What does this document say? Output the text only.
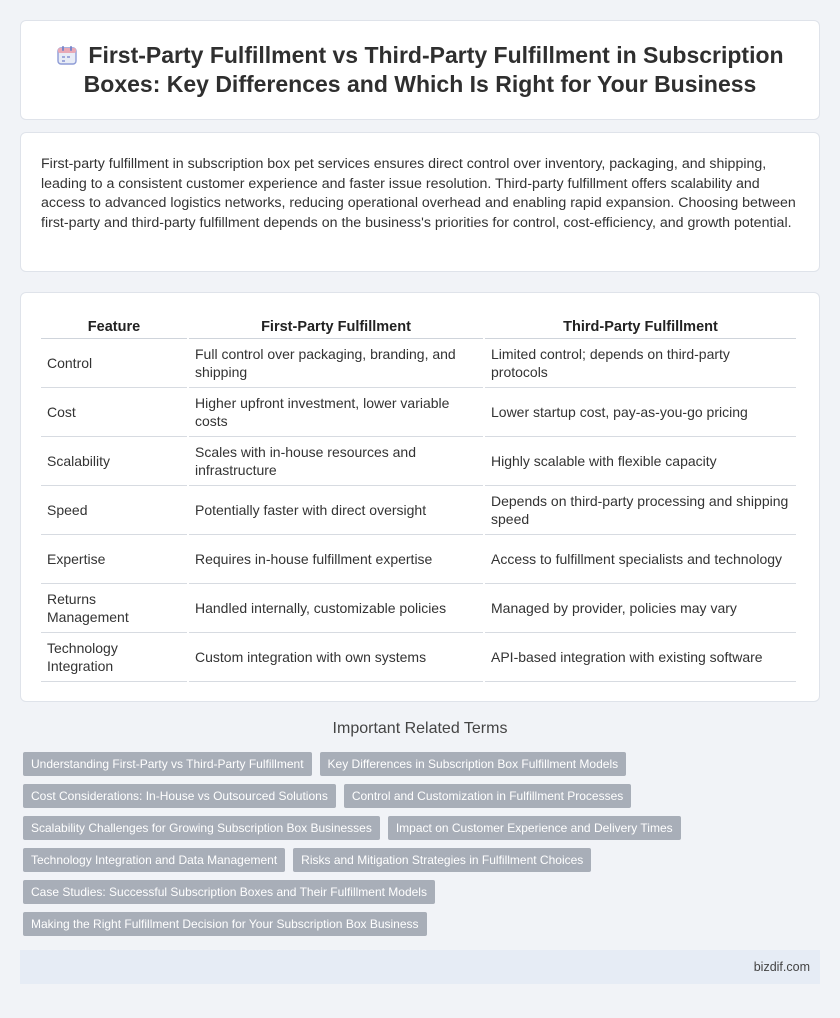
First-Party Fulfillment vs Third-Party Fulfillment in Subscription Boxes: Key Differences and Which Is Right for Your Business

First-party fulfillment in subscription box pet services ensures direct control over inventory, packaging, and shipping, leading to a consistent customer experience and faster issue resolution. Third-party fulfillment offers scalability and access to advanced logistics networks, reducing operational overhead and enabling rapid expansion. Choosing between first-party and third-party fulfillment depends on the business's priorities for control, cost-efficiency, and growth potential.

Feature	First-Party Fulfillment	Third-Party Fulfillment
Control	Full control over packaging, branding, and shipping	Limited control; depends on third-party protocols
Cost	Higher upfront investment, lower variable costs	Lower startup cost, pay-as-you-go pricing
Scalability	Scales with in-house resources and infrastructure	Highly scalable with flexible capacity
Speed	Potentially faster with direct oversight	Depends on third-party processing and shipping speed
Expertise	Requires in-house fulfillment expertise	Access to fulfillment specialists and technology
Returns Management	Handled internally, customizable policies	Managed by provider, policies may vary
Technology Integration	Custom integration with own systems	API-based integration with existing software
Important Related Terms
Understanding First-Party vs Third-Party Fulfillment	Key Differences in Subscription Box Fulfillment Models
Cost Considerations: In-House vs Outsourced Solutions	Control and Customization in Fulfillment Processes
Scalability Challenges for Growing Subscription Box Businesses	Impact on Customer Experience and Delivery Times
Technology Integration and Data Management	Risks and Mitigation Strategies in Fulfillment Choices
Case Studies: Successful Subscription Boxes and Their Fulfillment Models
Making the Right Fulfillment Decision for Your Subscription Box Business
bizdif.com
